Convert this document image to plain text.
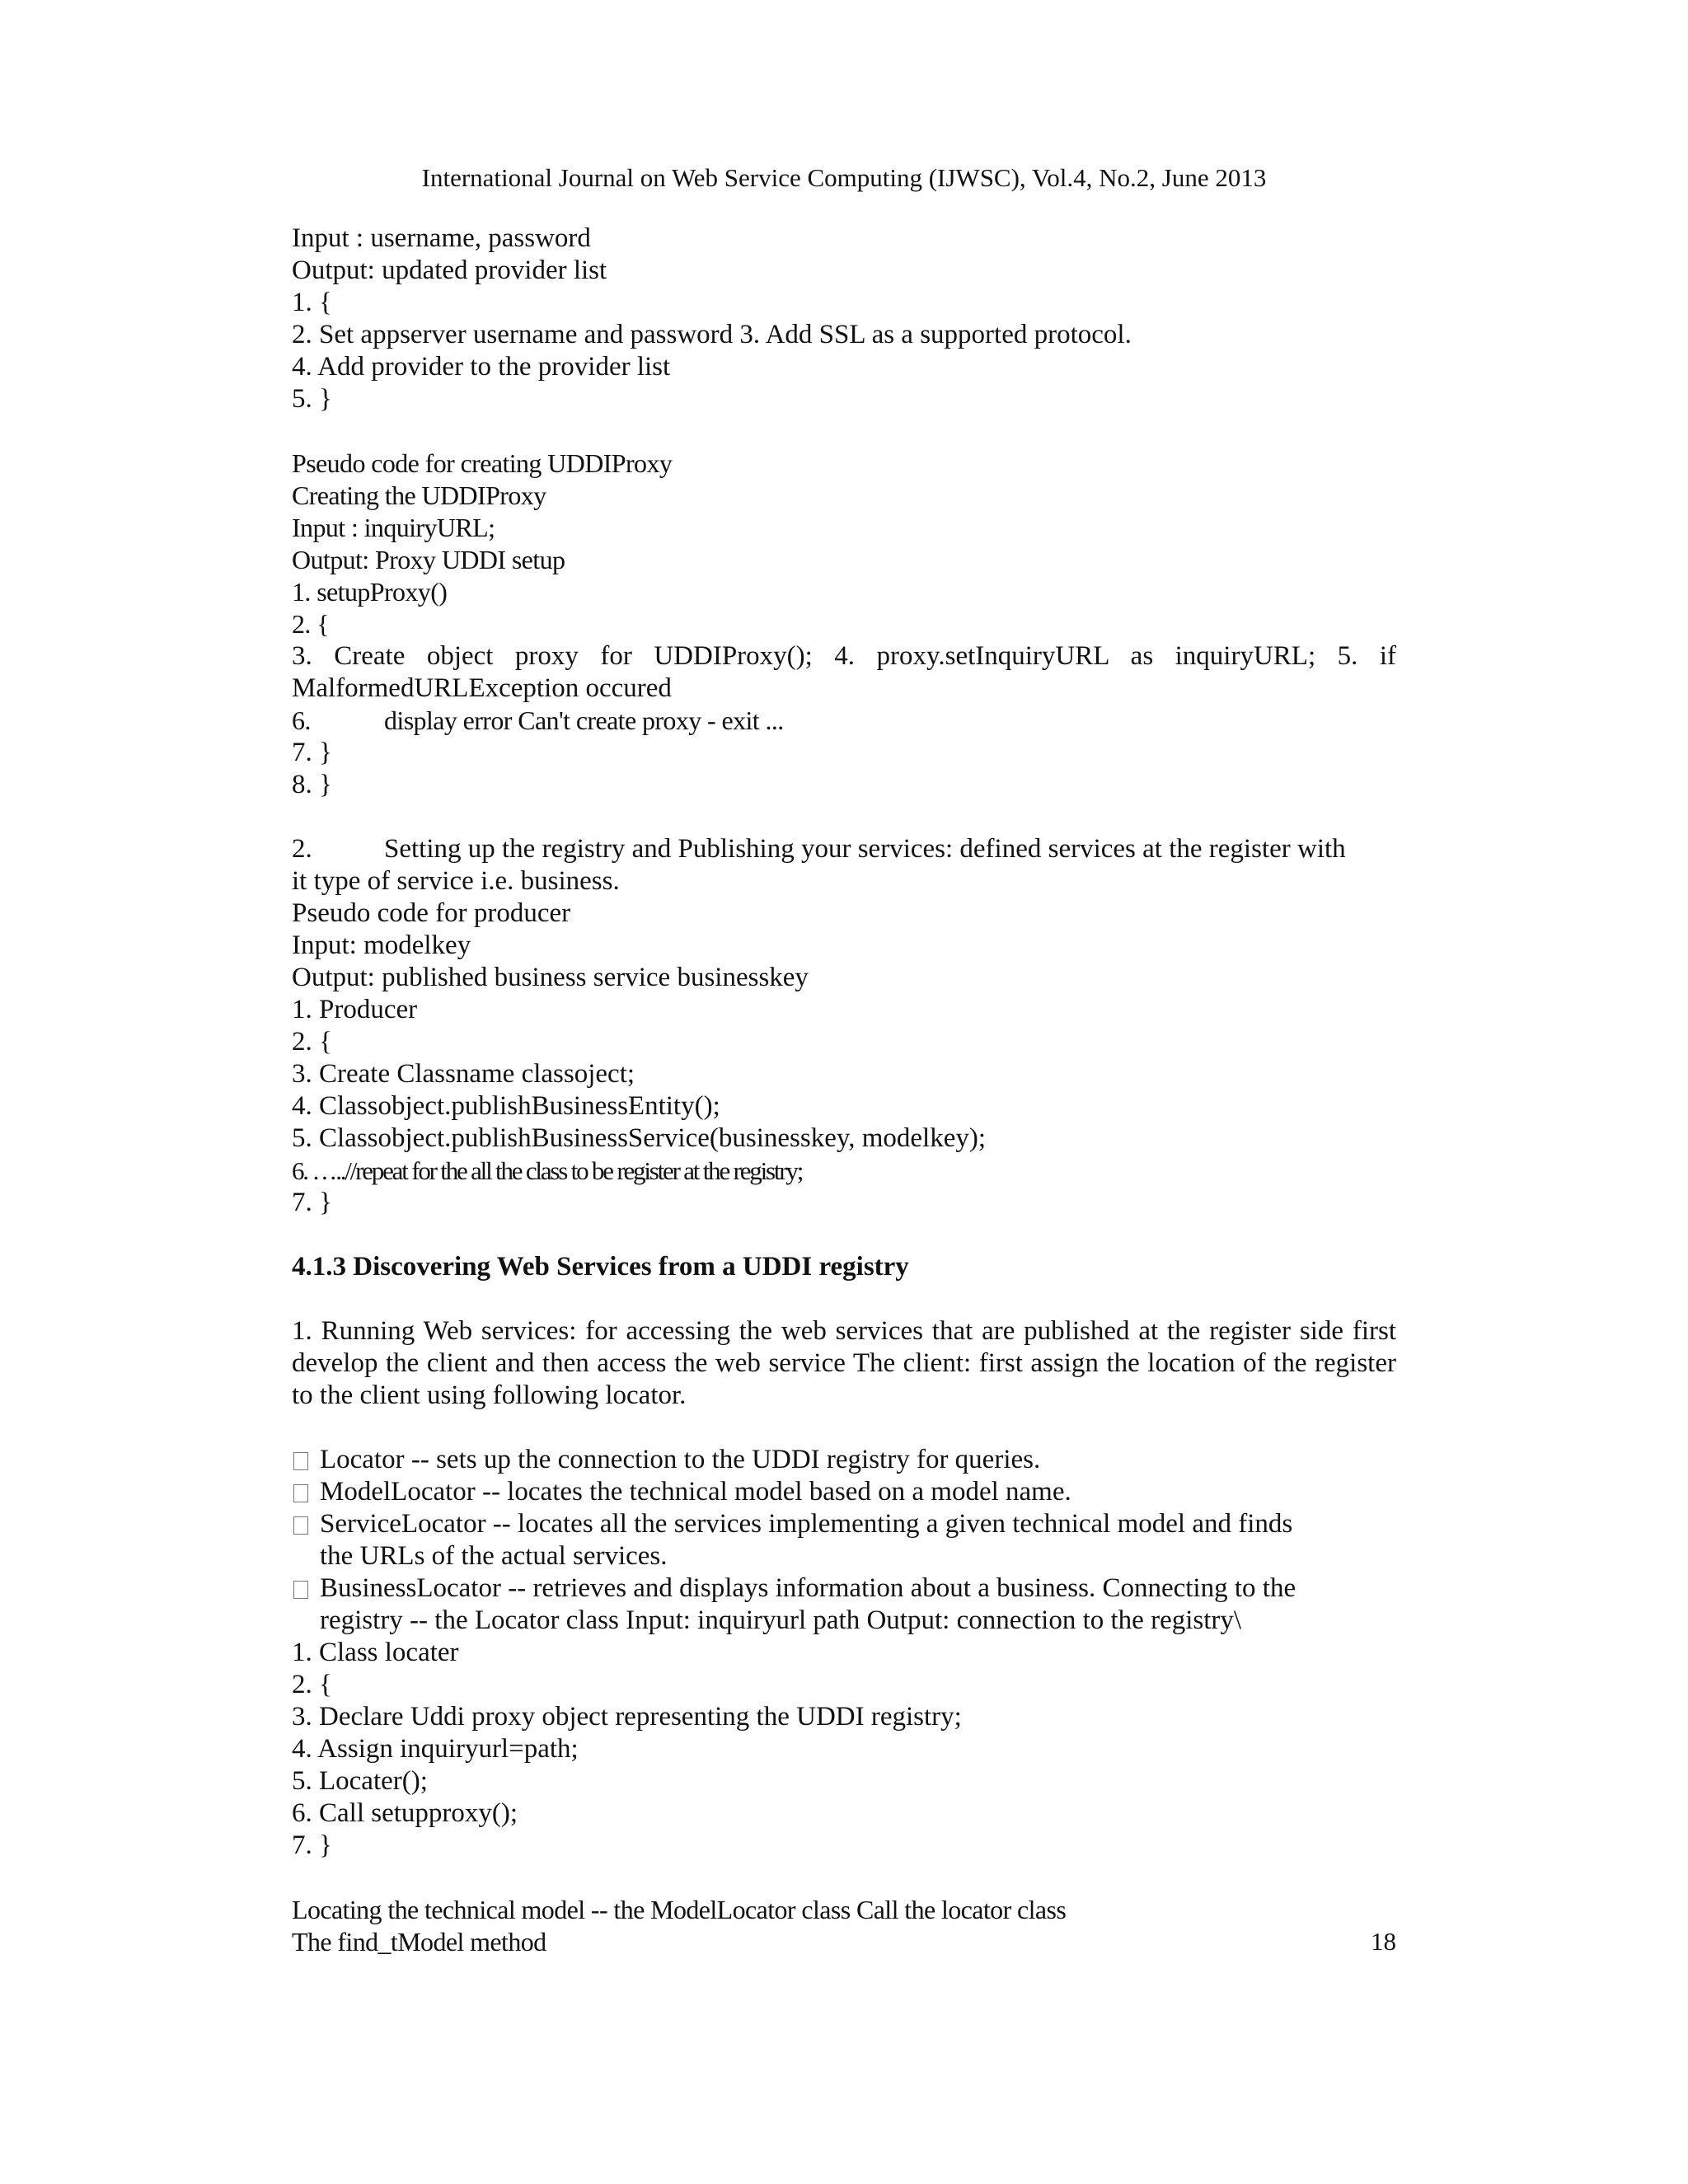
International Journal on Web Service Computing (IJWSC), Vol.4, No.2, June 2013
Input : username, password
Output: updated provider list
1. {
2. Set appserver username and password 3. Add SSL as a supported protocol.
4. Add provider to the provider list
5. }
Pseudo code for creating UDDIProxy
Creating the UDDIProxy
Input : inquiryURL;
Output: Proxy UDDI setup
1. setupProxy()
2. {
3. Create object proxy for UDDIProxy(); 4. proxy.setInquiryURL as inquiryURL; 5. if MalformedURLException occured
6.	display error Can't create proxy - exit ...
7. }
8. }
2.	Setting up the registry and Publishing your services: defined services at the register with
it type of service i.e. business.
Pseudo code for producer
Input: modelkey
Output: published business service businesskey
1. Producer
2. {
3. Create Classname classoject;
4. Classobject.publishBusinessEntity();
5. Classobject.publishBusinessService(businesskey, modelkey);
6. …..//repeat for the all the class to be register at the registry;
7. }
4.1.3 Discovering Web Services from a UDDI registry
1. Running Web services: for accessing the web services that are published at the register side first develop the client and then access the web service The client: first assign the location of the register to the client using following locator.
Locator -- sets up the connection to the UDDI registry for queries.
ModelLocator -- locates the technical model based on a model name.
ServiceLocator -- locates all the services implementing a given technical model and finds
the URLs of the actual services.
BusinessLocator -- retrieves and displays information about a business. Connecting to the
registry -- the Locator class Input: inquiryurl path Output: connection to the registry\
1. Class locater
2. {
3. Declare Uddi proxy object representing the UDDI registry;
4. Assign inquiryurl=path;
5. Locater();
6. Call setupproxy();
7. }
Locating the technical model -- the ModelLocator class Call the locator class
The find_tModel method	18
